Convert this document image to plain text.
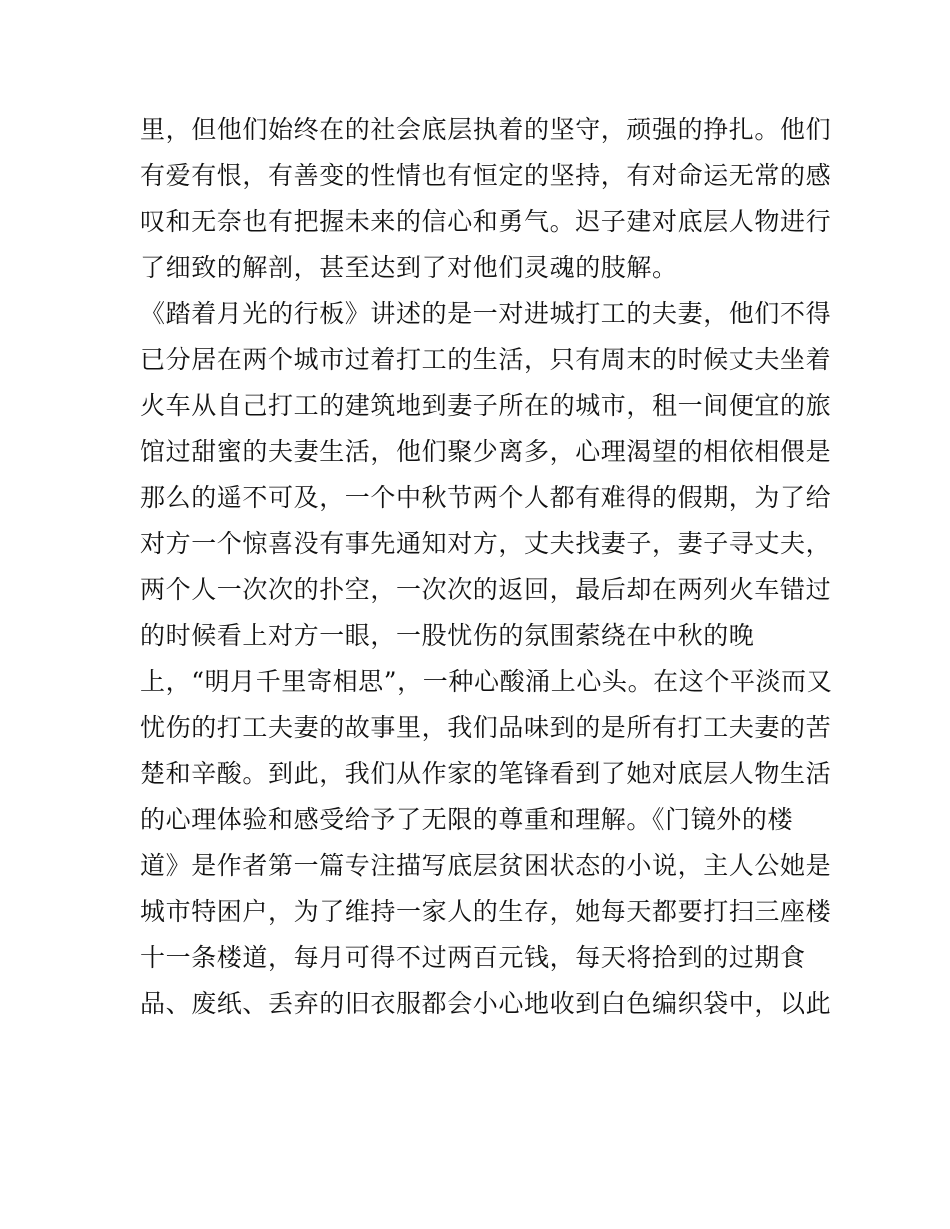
里，但他们始终在的社会底层执着的坚守，顽强的挣扎。他们
有爱有恨，有善变的性情也有恒定的坚持，有对命运无常的感
叹和无奈也有把握未来的信心和勇气。迟子建对底层人物进行
了细致的解剖，甚至达到了对他们灵魂的肢解。
《踏着月光的行板》讲述的是一对进城打工的夫妻，他们不得
已分居在两个城市过着打工的生活，只有周末的时候丈夫坐着
火车从自己打工的建筑地到妻子所在的城市，租一间便宜的旅
馆过甜蜜的夫妻生活，他们聚少离多，心理渴望的相依相偎是
那么的遥不可及，一个中秋节两个人都有难得的假期，为了给
对方一个惊喜没有事先通知对方，丈夫找妻子，妻子寻丈夫，
两个人一次次的扑空，一次次的返回，最后却在两列火车错过
的时候看上对方一眼，一股忧伤的氛围萦绕在中秋的晚
上，“明月千里寄相思”，一种心酸涌上心头。在这个平淡而又
忧伤的打工夫妻的故事里，我们品味到的是所有打工夫妻的苦
楚和辛酸。到此，我们从作家的笔锋看到了她对底层人物生活
的心理体验和感受给予了无限的尊重和理解。《门镜外的楼
道》是作者第一篇专注描写底层贫困状态的小说，主人公她是
城市特困户，为了维持一家人的生存，她每天都要打扫三座楼
十一条楼道，每月可得不过两百元钱，每天将拾到的过期食
品、废纸、丢弃的旧衣服都会小心地收到白色编织袋中，以此
